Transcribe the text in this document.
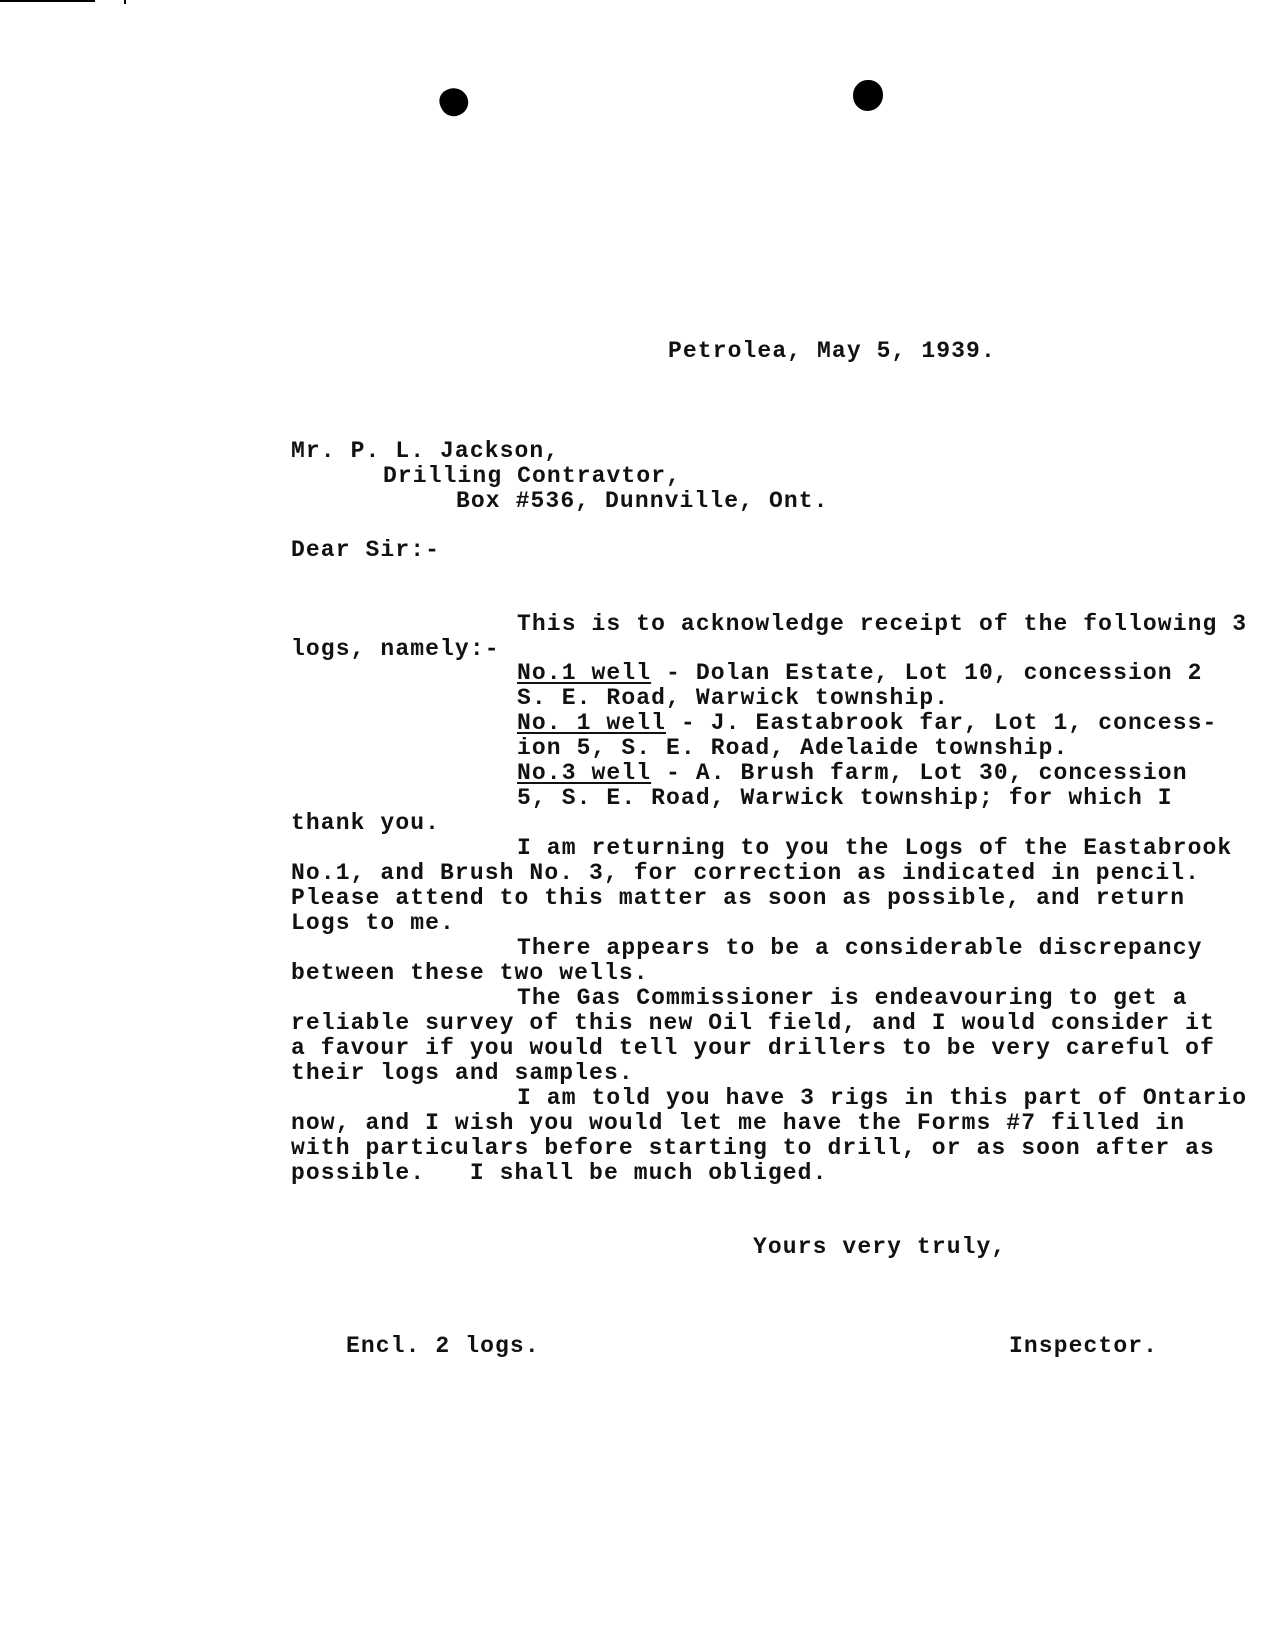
Petrolea, May 5, 1939.
Mr. P. L. Jackson,
Drilling Contravtor,
Box #536, Dunnville, Ont.
Dear Sir:-
This is to acknowledge receipt of the following 3
logs, namely:-
No.1 well - Dolan Estate, Lot 10, concession 2
S. E. Road, Warwick township.
No. 1 well - J. Eastabrook far, Lot 1, concess-
ion 5, S. E. Road, Adelaide township.
No.3 well - A. Brush farm, Lot 30, concession
5, S. E. Road, Warwick township; for which I
thank you.
I am returning to you the Logs of the Eastabrook
No.1, and Brush No. 3, for correction as indicated in pencil.
Please attend to this matter as soon as possible, and return
Logs to me.
There appears to be a considerable discrepancy
between these two wells.
The Gas Commissioner is endeavouring to get a
reliable survey of this new Oil field, and I would consider it
a favour if you would tell your drillers to be very careful of
their logs and samples.
I am told you have 3 rigs in this part of Ontario
now, and I wish you would let me have the Forms #7 filled in
with particulars before starting to drill, or as soon after as
possible.   I shall be much obliged.
Yours very truly,
Encl. 2 logs.	Inspector.
